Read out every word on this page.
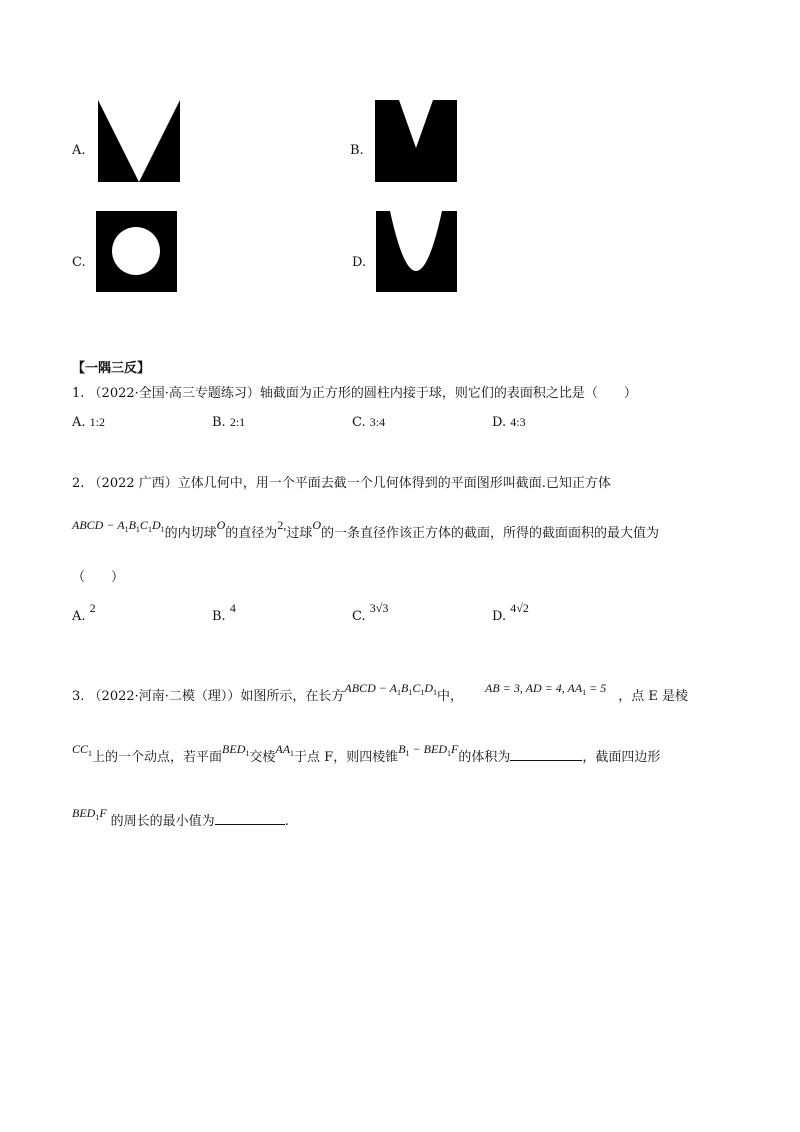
A.	B.
C.	D.
【一隅三反】
1. （2022·全国·高三专题练习）轴截面为正方形的圆柱内接于球，则它们的表面积之比是（　　）
A. 1:2	B. 2:1	C. 3:4	D. 4:3
2. （2022 广西）立体几何中，用一个平面去截一个几何体得到的平面图形叫截面.已知正方体
ABCD − $A_1B_1C_1D_1$的内切球O的直径为2,过球O的一条直径作该正方体的截面，所得的截面面积的最大值为
（　　）
A. 2
B. 4
C. 3√3
D. 4√2
3. （2022·河南·二模（理））如图所示，在长方ABCD − $A_1B_1C_1D_1$中，AB = 3, AD = 4, $AA_1 = 5$，点 E 是棱
$CC_1$上的一个动点，若平面$BED_1$交棱$AA_1$于点 F，则四棱锥$B_1 - BED_1F$的体积为	，截面四边形
$BED_1F$的周长的最小值为	.
